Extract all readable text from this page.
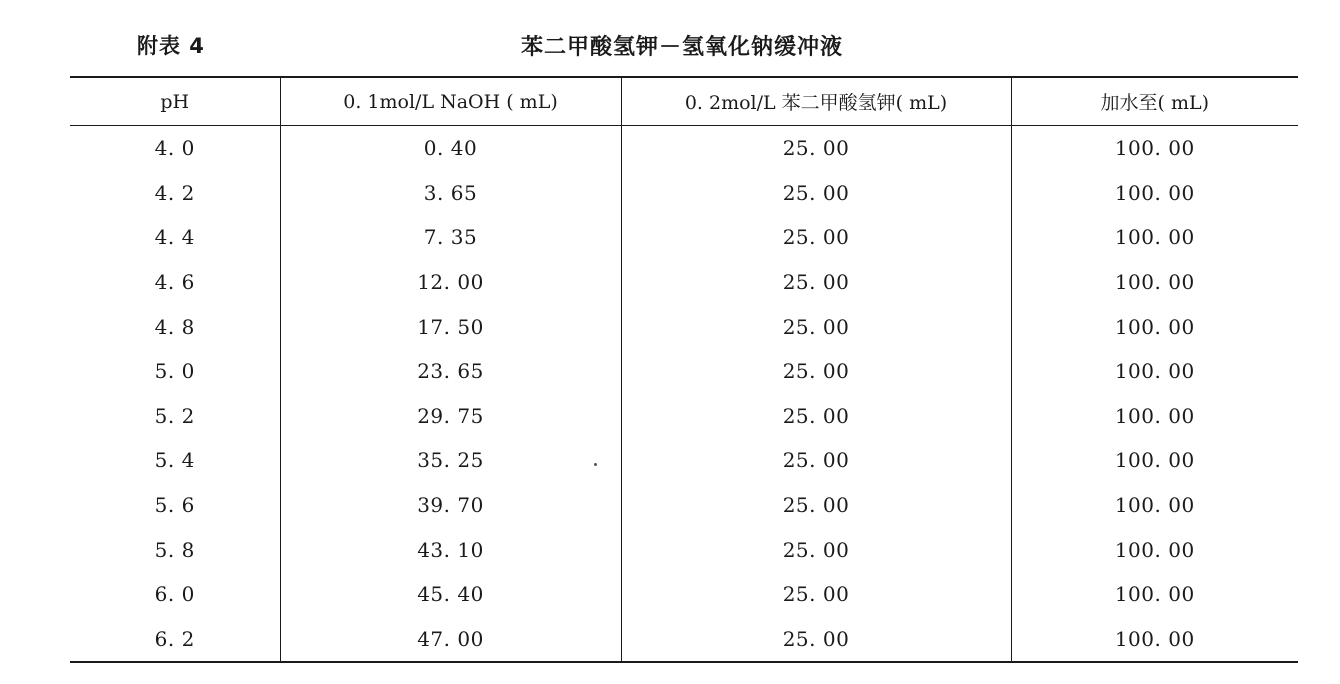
附表 4	苯二甲酸氢钾－氢氧化钠缓冲液
pH	0. 1mol/L NaOH ( mL)	0. 2mol/L 苯二甲酸氢钾( mL)	加水至( mL)
4. 0	0. 40	25. 00	100. 00
4. 2	3. 65	25. 00	100. 00
4. 4	7. 35	25. 00	100. 00
4. 6	12. 00	25. 00	100. 00
4. 8	17. 50	25. 00	100. 00
5. 0	23. 65	25. 00	100. 00
5. 2	29. 75	25. 00	100. 00
5. 4	35. 25	25. 00	100. 00
5. 6	39. 70	25. 00	100. 00
5. 8	43. 10	25. 00	100. 00
6. 0	45. 40	25. 00	100. 00
6. 2	47. 00	25. 00	100. 00
